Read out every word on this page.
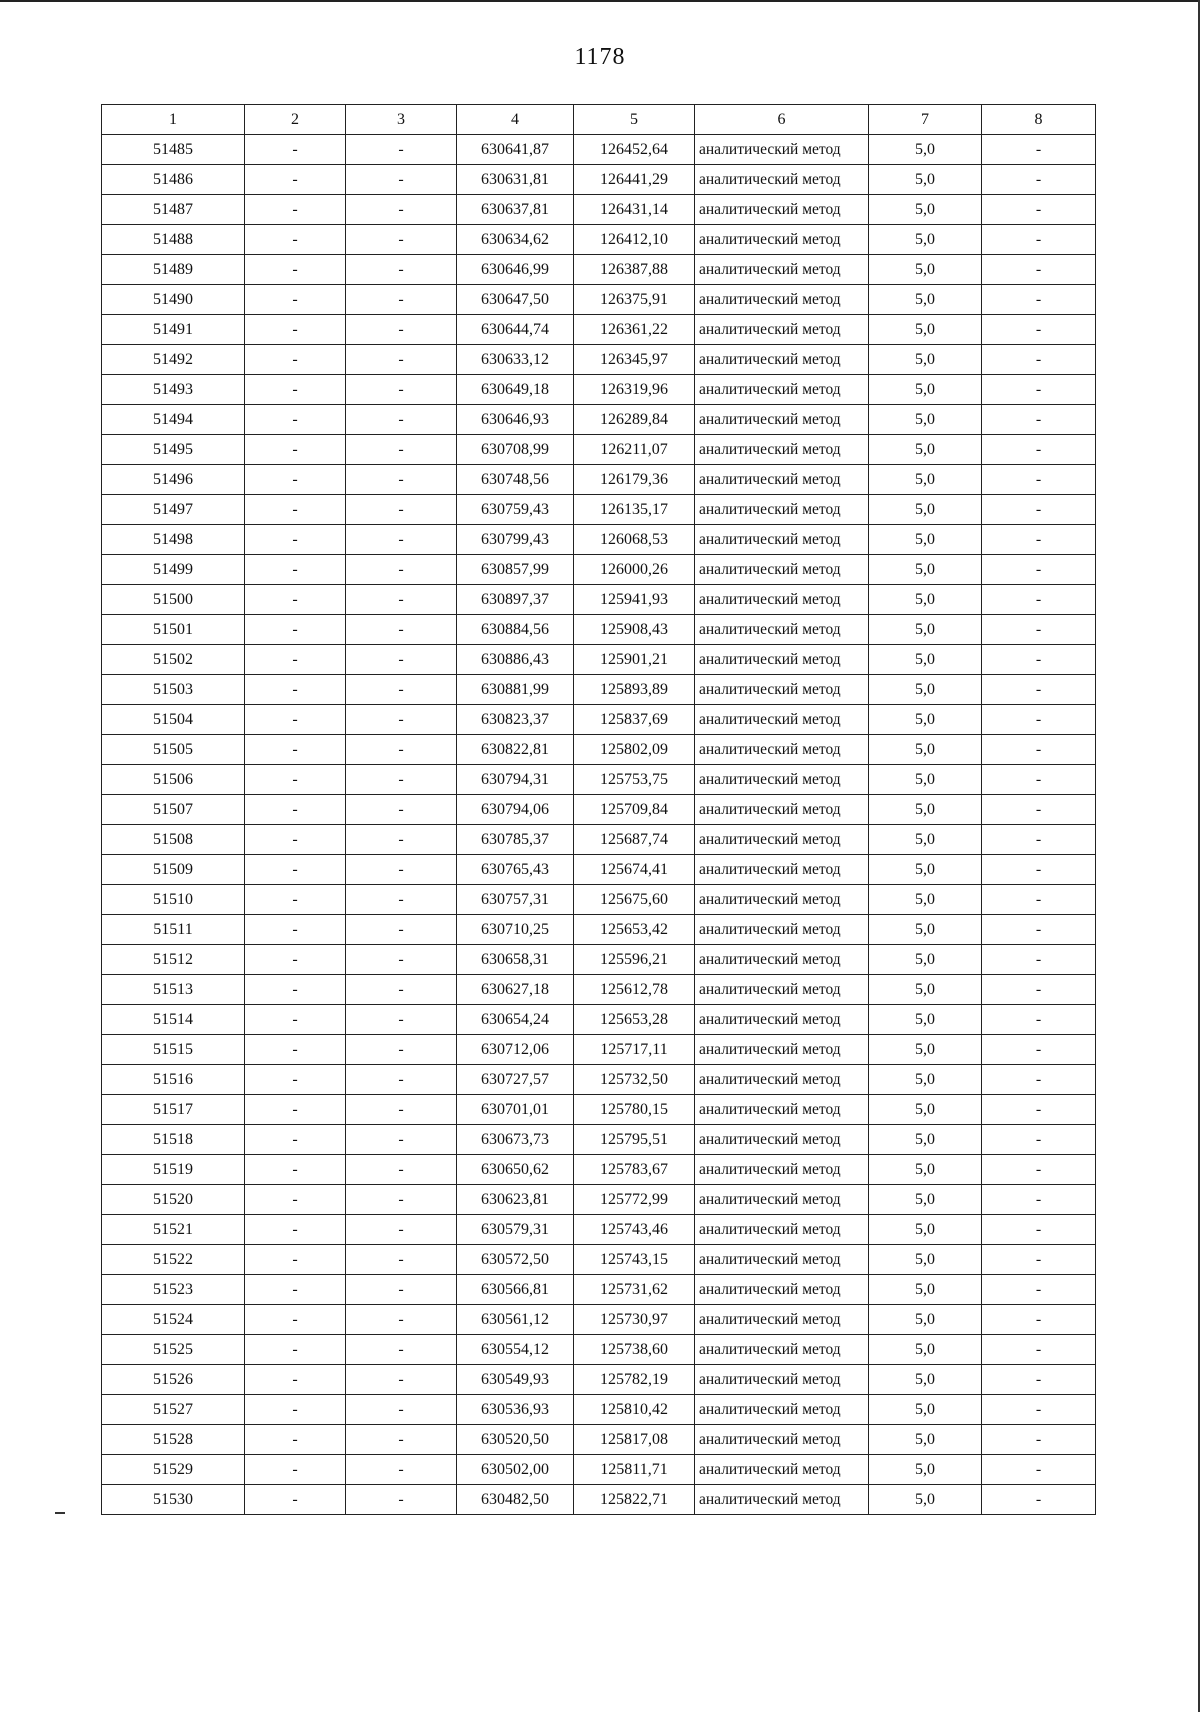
1178
1	2	3	4	5	6	7	8
51485	-	-	630641,87	126452,64	аналитический метод	5,0	-
51486	-	-	630631,81	126441,29	аналитический метод	5,0	-
51487	-	-	630637,81	126431,14	аналитический метод	5,0	-
51488	-	-	630634,62	126412,10	аналитический метод	5,0	-
51489	-	-	630646,99	126387,88	аналитический метод	5,0	-
51490	-	-	630647,50	126375,91	аналитический метод	5,0	-
51491	-	-	630644,74	126361,22	аналитический метод	5,0	-
51492	-	-	630633,12	126345,97	аналитический метод	5,0	-
51493	-	-	630649,18	126319,96	аналитический метод	5,0	-
51494	-	-	630646,93	126289,84	аналитический метод	5,0	-
51495	-	-	630708,99	126211,07	аналитический метод	5,0	-
51496	-	-	630748,56	126179,36	аналитический метод	5,0	-
51497	-	-	630759,43	126135,17	аналитический метод	5,0	-
51498	-	-	630799,43	126068,53	аналитический метод	5,0	-
51499	-	-	630857,99	126000,26	аналитический метод	5,0	-
51500	-	-	630897,37	125941,93	аналитический метод	5,0	-
51501	-	-	630884,56	125908,43	аналитический метод	5,0	-
51502	-	-	630886,43	125901,21	аналитический метод	5,0	-
51503	-	-	630881,99	125893,89	аналитический метод	5,0	-
51504	-	-	630823,37	125837,69	аналитический метод	5,0	-
51505	-	-	630822,81	125802,09	аналитический метод	5,0	-
51506	-	-	630794,31	125753,75	аналитический метод	5,0	-
51507	-	-	630794,06	125709,84	аналитический метод	5,0	-
51508	-	-	630785,37	125687,74	аналитический метод	5,0	-
51509	-	-	630765,43	125674,41	аналитический метод	5,0	-
51510	-	-	630757,31	125675,60	аналитический метод	5,0	-
51511	-	-	630710,25	125653,42	аналитический метод	5,0	-
51512	-	-	630658,31	125596,21	аналитический метод	5,0	-
51513	-	-	630627,18	125612,78	аналитический метод	5,0	-
51514	-	-	630654,24	125653,28	аналитический метод	5,0	-
51515	-	-	630712,06	125717,11	аналитический метод	5,0	-
51516	-	-	630727,57	125732,50	аналитический метод	5,0	-
51517	-	-	630701,01	125780,15	аналитический метод	5,0	-
51518	-	-	630673,73	125795,51	аналитический метод	5,0	-
51519	-	-	630650,62	125783,67	аналитический метод	5,0	-
51520	-	-	630623,81	125772,99	аналитический метод	5,0	-
51521	-	-	630579,31	125743,46	аналитический метод	5,0	-
51522	-	-	630572,50	125743,15	аналитический метод	5,0	-
51523	-	-	630566,81	125731,62	аналитический метод	5,0	-
51524	-	-	630561,12	125730,97	аналитический метод	5,0	-
51525	-	-	630554,12	125738,60	аналитический метод	5,0	-
51526	-	-	630549,93	125782,19	аналитический метод	5,0	-
51527	-	-	630536,93	125810,42	аналитический метод	5,0	-
51528	-	-	630520,50	125817,08	аналитический метод	5,0	-
51529	-	-	630502,00	125811,71	аналитический метод	5,0	-
51530	-	-	630482,50	125822,71	аналитический метод	5,0	-
